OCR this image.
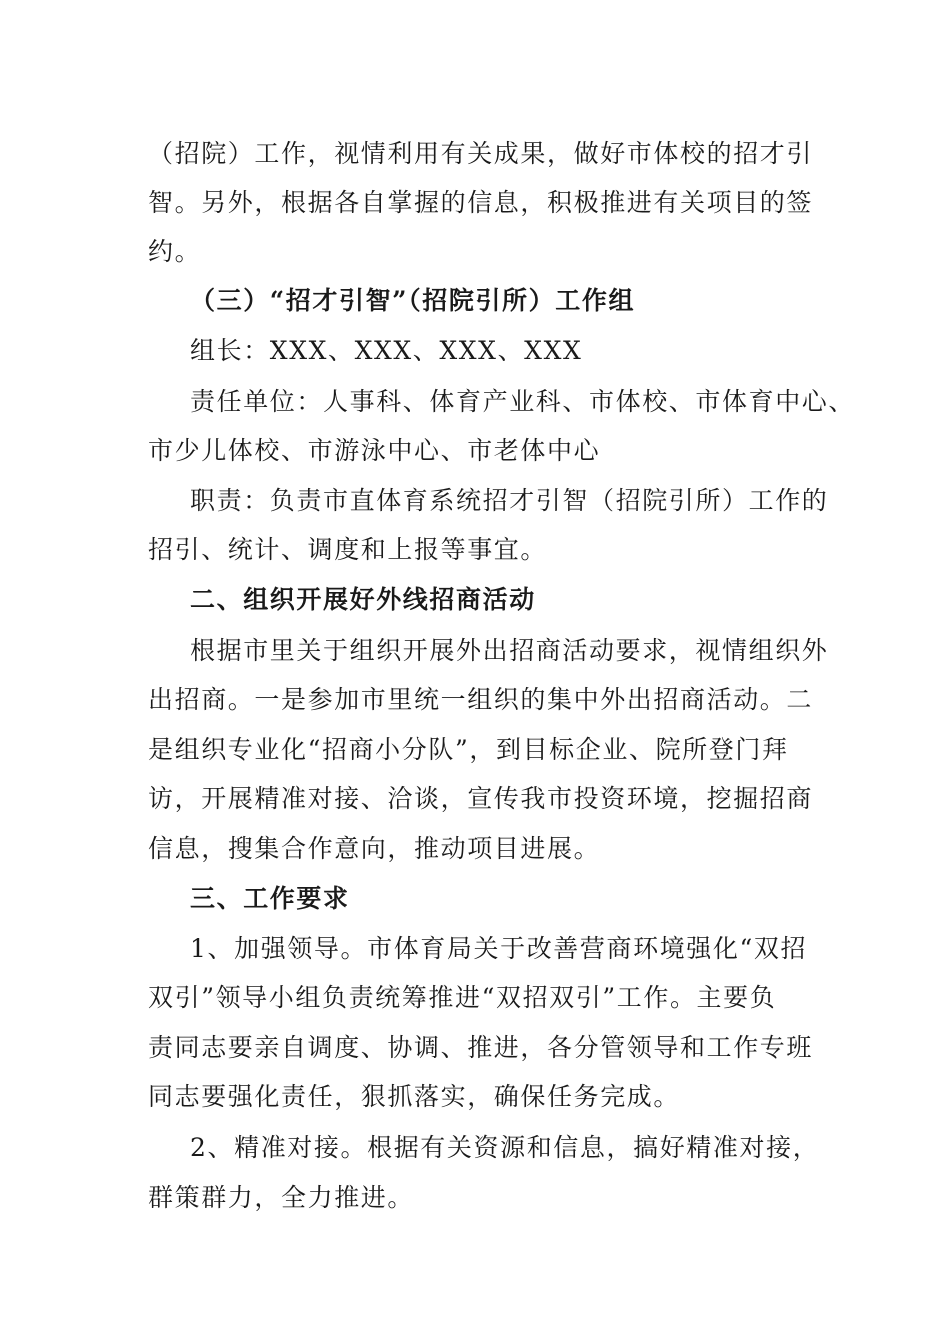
（招院）工作，视情利用有关成果，做好市体校的招才引
智。另外，根据各自掌握的信息，积极推进有关项目的签
约。
（三）“招才引智”（招院引所）工作组
组长：XXX、XXX、XXX、XXX
责任单位：人事科、体育产业科、市体校、市体育中心、
市少儿体校、市游泳中心、市老体中心
职责：负责市直体育系统招才引智（招院引所）工作的
招引、统计、调度和上报等事宜。
二、组织开展好外线招商活动
根据市里关于组织开展外出招商活动要求，视情组织外
出招商。一是参加市里统一组织的集中外出招商活动。二
是组织专业化“招商小分队”，到目标企业、院所登门拜
访，开展精准对接、洽谈，宣传我市投资环境，挖掘招商
信息，搜集合作意向，推动项目进展。
三、工作要求
1、加强领导。市体育局关于改善营商环境强化“双招
双引”领导小组负责统筹推进“双招双引”工作。主要负
责同志要亲自调度、协调、推进，各分管领导和工作专班
同志要强化责任，狠抓落实，确保任务完成。
2、精准对接。根据有关资源和信息，搞好精准对接，
群策群力，全力推进。
